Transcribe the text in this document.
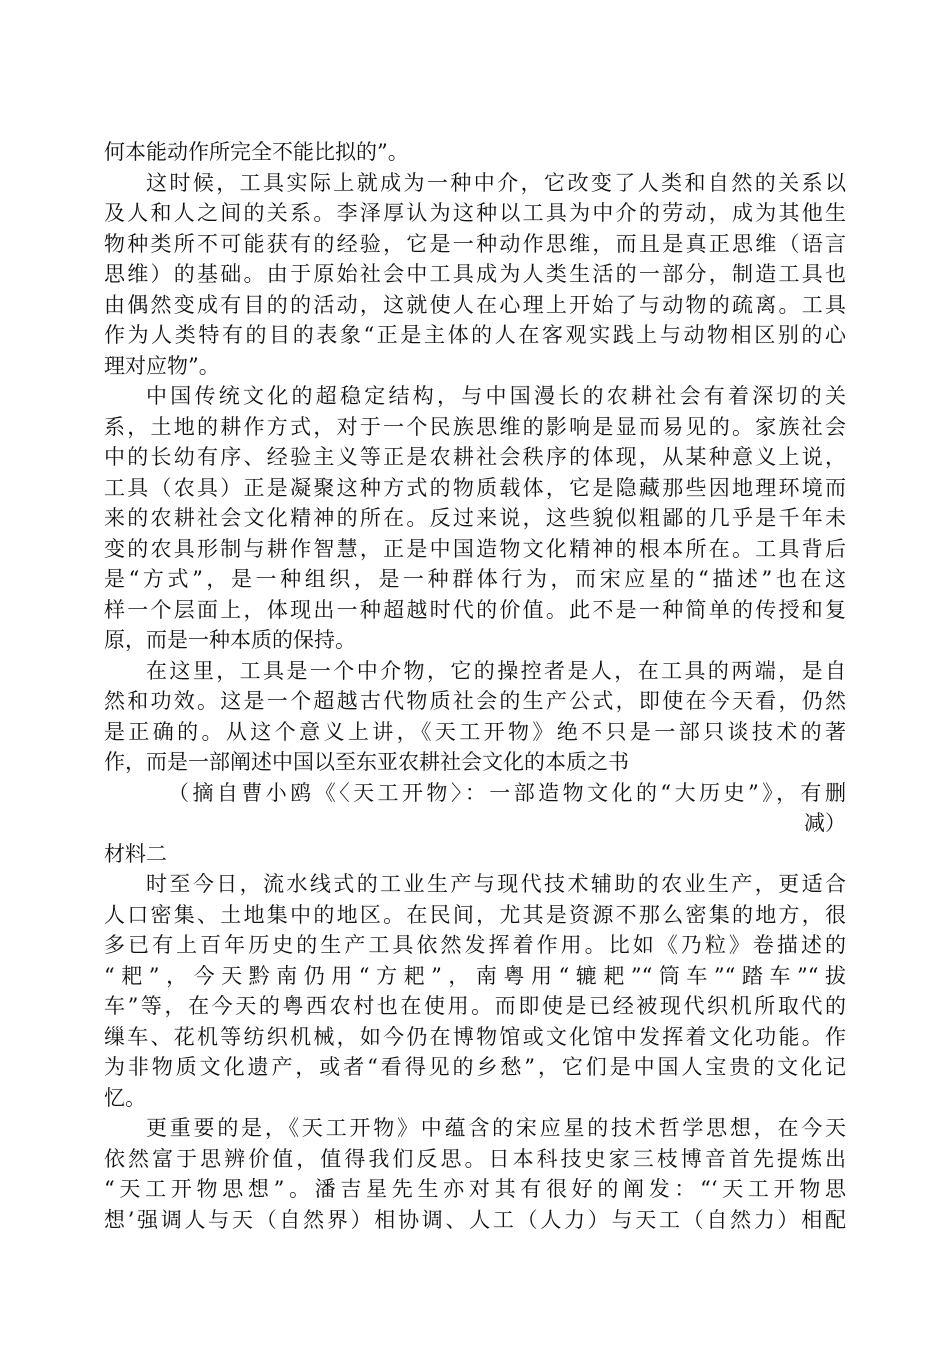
何本能动作所完全不能比拟的”。
这时候，工具实际上就成为一种中介，它改变了人类和自然的关系以
及人和人之间的关系。李泽厚认为这种以工具为中介的劳动，成为其他生
物种类所不可能获有的经验，它是一种动作思维，而且是真正思维（语言
思维）的基础。由于原始社会中工具成为人类生活的一部分，制造工具也
由偶然变成有目的的活动，这就使人在心理上开始了与动物的疏离。工具
作为人类特有的目的表象“正是主体的人在客观实践上与动物相区别的心
理对应物”。
中国传统文化的超稳定结构，与中国漫长的农耕社会有着深切的关
系，土地的耕作方式，对于一个民族思维的影响是显而易见的。家族社会
中的长幼有序、经验主义等正是农耕社会秩序的体现，从某种意义上说，
工具（农具）正是凝聚这种方式的物质载体，它是隐藏那些因地理环境而
来的农耕社会文化精神的所在。反过来说，这些貌似粗鄙的几乎是千年未
变的农具形制与耕作智慧，正是中国造物文化精神的根本所在。工具背后
是“方式”，是一种组织，是一种群体行为，而宋应星的“描述”也在这
样一个层面上，体现出一种超越时代的价值。此不是一种简单的传授和复
原，而是一种本质的保持。
在这里，工具是一个中介物，它的操控者是人，在工具的两端，是自
然和功效。这是一个超越古代物质社会的生产公式，即使在今天看，仍然
是正确的。从这个意义上讲，《天工开物》绝不只是一部只谈技术的著
作，而是一部阐述中国以至东亚农耕社会文化的本质之书
（摘自曹小鸥《〈天工开物〉：一部造物文化的“大历史”》，有删
减）
材料二
时至今日，流水线式的工业生产与现代技术辅助的农业生产，更适合
人口密集、土地集中的地区。在民间，尤其是资源不那么密集的地方，很
多已有上百年历史的生产工具依然发挥着作用。比如《乃粒》卷描述的
“耙”，今天黔南仍用“方耙”，南粤用“辘耙”“筒车”“踏车”“拔
车”等，在今天的粤西农村也在使用。而即使是已经被现代织机所取代的
缫车、花机等纺织机械，如今仍在博物馆或文化馆中发挥着文化功能。作
为非物质文化遗产，或者“看得见的乡愁”，它们是中国人宝贵的文化记
忆。
更重要的是，《天工开物》中蕴含的宋应星的技术哲学思想，在今天
依然富于思辨价值，值得我们反思。日本科技史家三枝博音首先提炼出
“天工开物思想”。潘吉星先生亦对其有很好的阐发：“‘天工开物思
想’强调人与天（自然界）相协调、人工（人力）与天工（自然力）相配
